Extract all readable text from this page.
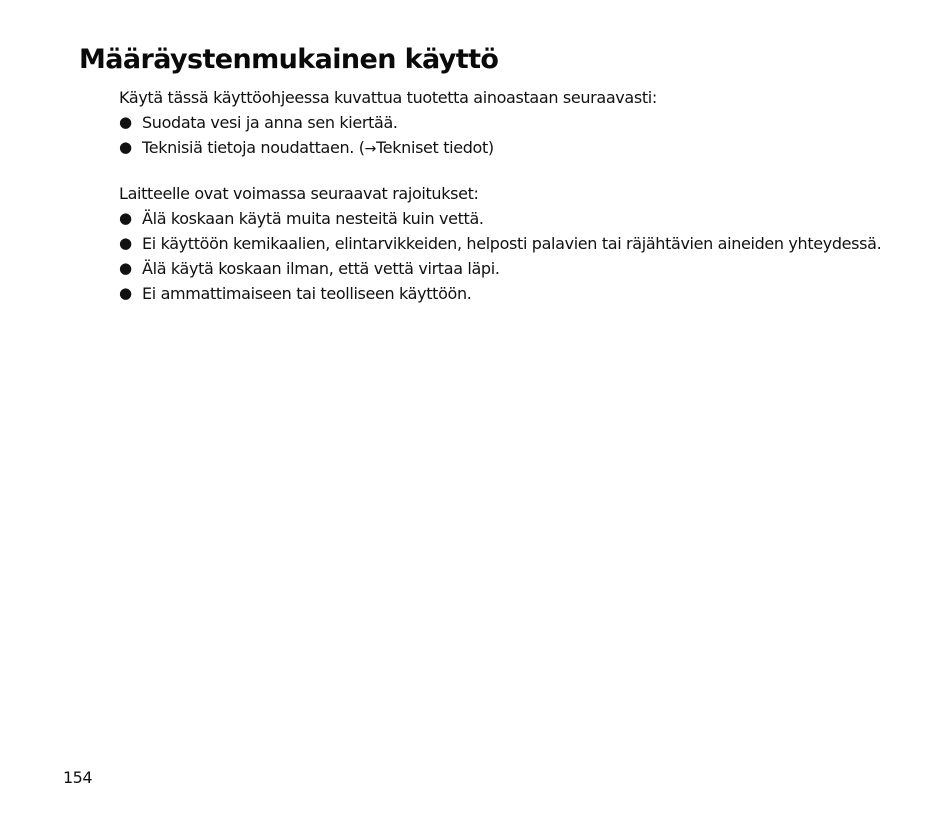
Määräystenmukainen käyttö

Käytä tässä käyttöohjeessa kuvattua tuotetta ainoastaan seuraavasti:

● Suodata vesi ja anna sen kiertää.
● Teknisiä tietoja noudattaen. (→Tekniset tiedot)

Laitteelle ovat voimassa seuraavat rajoitukset:

● Älä koskaan käytä muita nesteitä kuin vettä.
● Ei käyttöön kemikaalien, elintarvikkeiden, helposti palavien tai räjähtävien aineiden yhteydessä.
● Älä käytä koskaan ilman, että vettä virtaa läpi.
● Ei ammattimaiseen tai teolliseen käyttöön.
154
